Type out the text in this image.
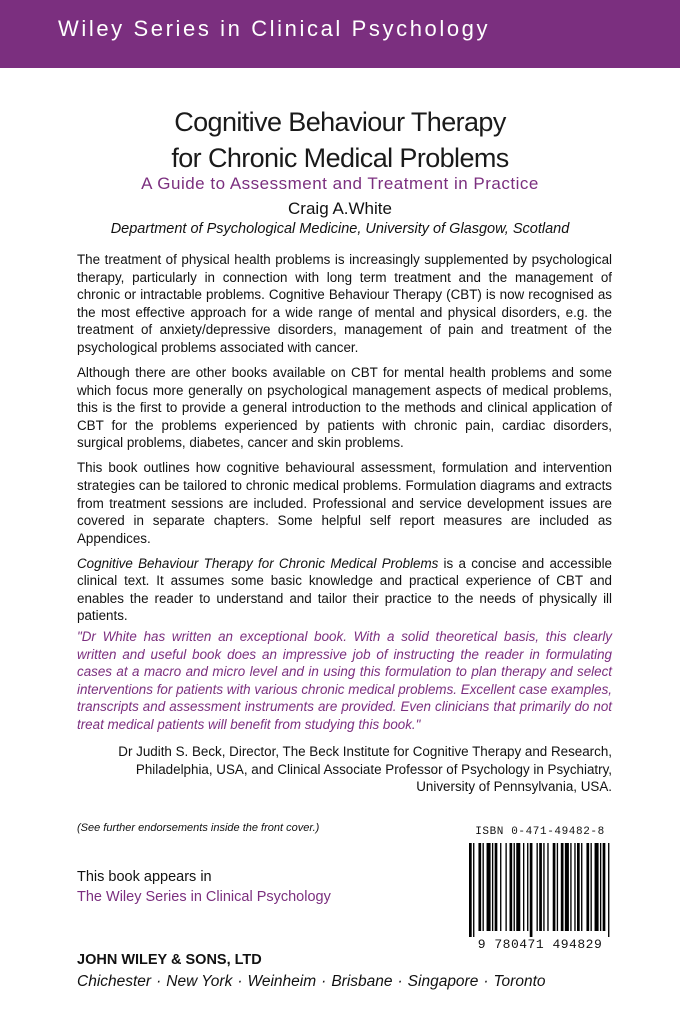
Wiley Series in Clinical Psychology
Cognitive Behaviour Therapy
for Chronic Medical Problems
A Guide to Assessment and Treatment in Practice
Craig A.White
Department of Psychological Medicine, University of Glasgow, Scotland

The treatment of physical health problems is increasingly supplemented by psychological therapy, particularly in connection with long term treatment and the management of chronic or intractable problems. Cognitive Behaviour Therapy (CBT) is now recognised as the most effective approach for a wide range of mental and physical disorders, e.g. the treatment of anxiety/depressive disorders, management of pain and treatment of the psychological problems associated with cancer.

Although there are other books available on CBT for mental health problems and some which focus more generally on psychological management aspects of medical problems, this is the first to provide a general introduction to the methods and clinical application of CBT for the problems experienced by patients with chronic pain, cardiac disorders, surgical problems, diabetes, cancer and skin problems.

This book outlines how cognitive behavioural assessment, formulation and intervention strategies can be tailored to chronic medical problems. Formulation diagrams and extracts from treatment sessions are included. Professional and service development issues are covered in separate chapters. Some helpful self report measures are included as Appendices.

Cognitive Behaviour Therapy for Chronic Medical Problems is a concise and accessible clinical text. It assumes some basic knowledge and practical experience of CBT and enables the reader to understand and tailor their practice to the needs of physically ill patients.

"Dr White has written an exceptional book. With a solid theoretical basis, this clearly written and useful book does an impressive job of instructing the reader in formulating cases at a macro and micro level and in using this formulation to plan therapy and select interventions for patients with various chronic medical problems. Excellent case examples, transcripts and assessment instruments are provided. Even clinicians that primarily do not treat medical patients will benefit from studying this book."
Dr Judith S. Beck, Director, The Beck Institute for Cognitive Therapy and Research,
Philadelphia, USA, and Clinical Associate Professor of Psychology in Psychiatry,
University of Pennsylvania, USA.
(See further endorsements inside the front cover.)
This book appears in
The Wiley Series in Clinical Psychology
ISBN 0-471-49482-8
9 780471 494829
JOHN WILEY & SONS, LTD
Chichester · New York · Weinheim · Brisbane · Singapore · Toronto
